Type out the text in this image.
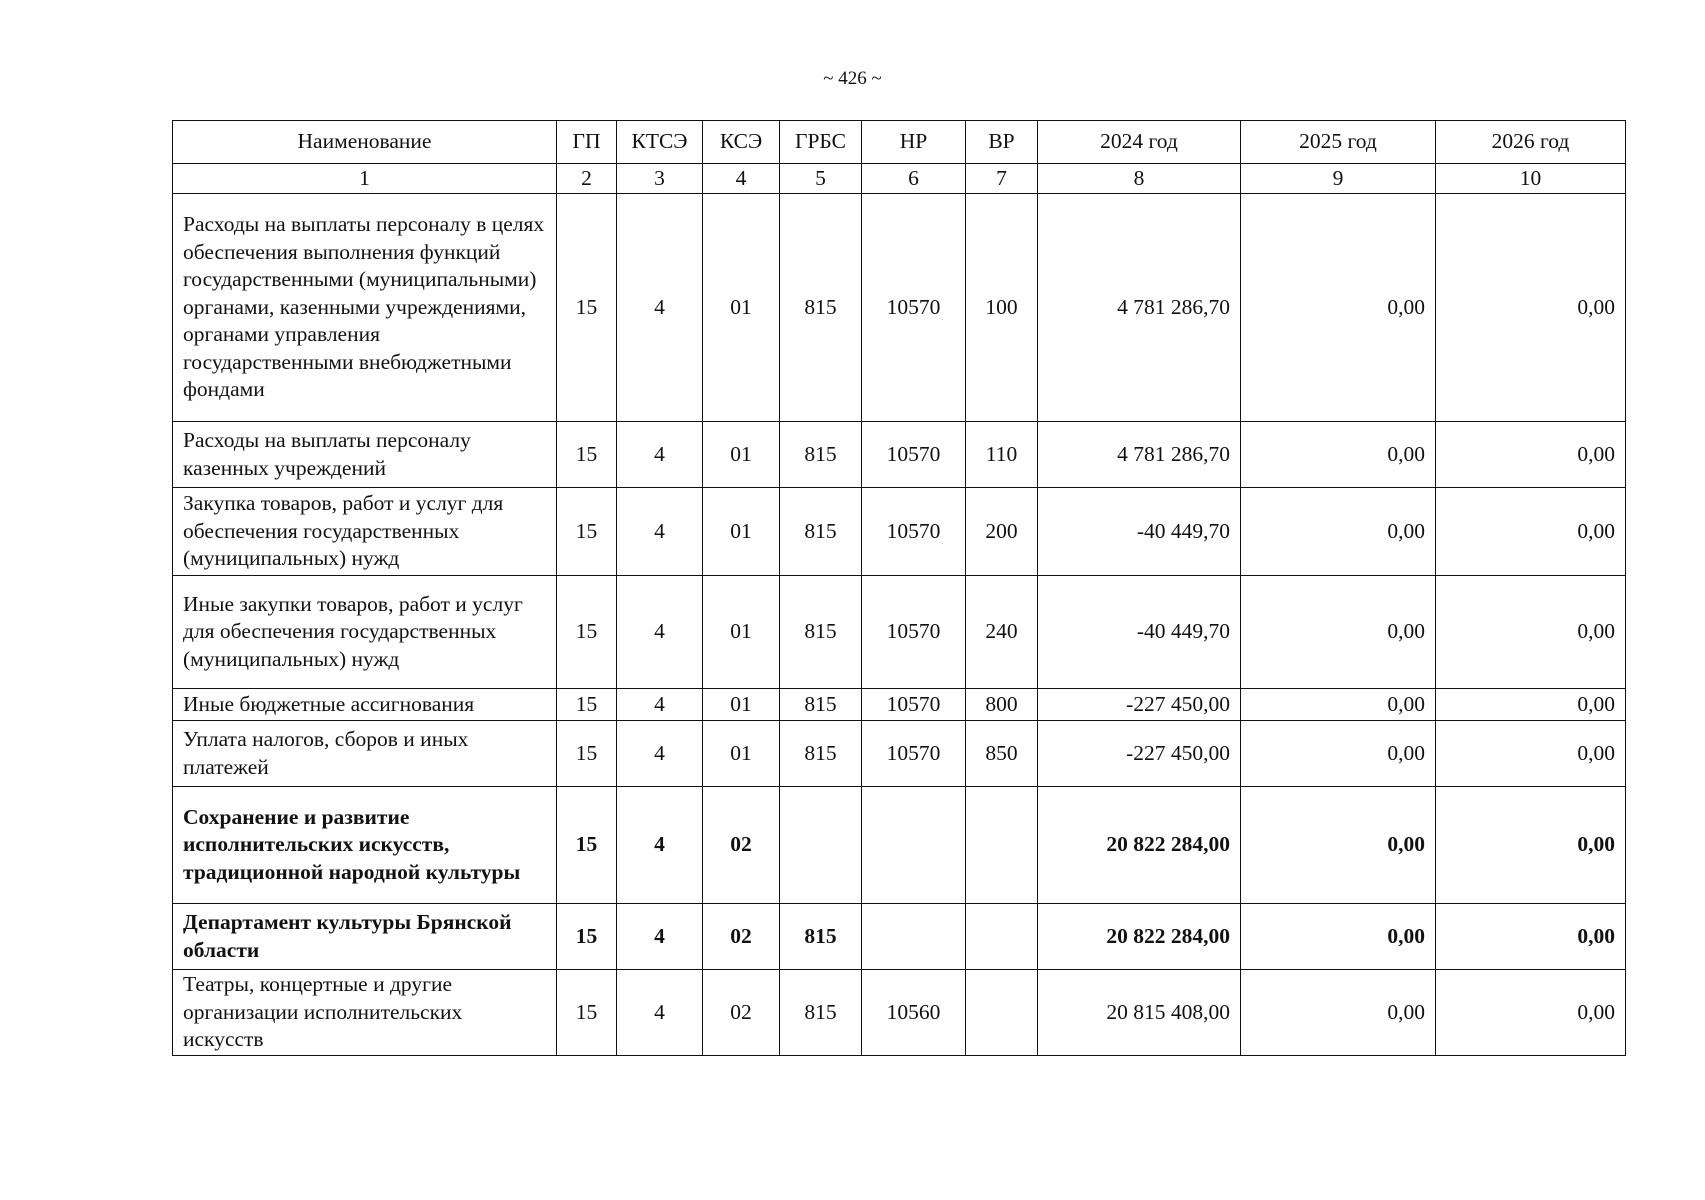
~ 426 ~
Наименование	ГП	КТСЭ	КСЭ	ГРБС	НР	ВР	2024 год	2025 год	2026 год
1	2	3	4	5	6	7	8	9	10
Расходы на выплаты персоналу в целях обеспечения выполнения функций государственными (муниципальными) органами, казенными учреждениями, органами управления государственными внебюджетными фондами	15	4	01	815	10570	100	4 781 286,70	0,00	0,00
Расходы на выплаты персоналу казенных учреждений	15	4	01	815	10570	110	4 781 286,70	0,00	0,00
Закупка товаров, работ и услуг для обеспечения государственных (муниципальных) нужд	15	4	01	815	10570	200	-40 449,70	0,00	0,00
Иные закупки товаров, работ и услуг для обеспечения государственных (муниципальных) нужд	15	4	01	815	10570	240	-40 449,70	0,00	0,00
Иные бюджетные ассигнования	15	4	01	815	10570	800	-227 450,00	0,00	0,00
Уплата налогов, сборов и иных платежей	15	4	01	815	10570	850	-227 450,00	0,00	0,00
Сохранение и развитие исполнительских искусств, традиционной народной культуры	15	4	02				20 822 284,00	0,00	0,00
Департамент культуры Брянской области	15	4	02	815			20 822 284,00	0,00	0,00
Театры, концертные и другие организации исполнительских искусств	15	4	02	815	10560		20 815 408,00	0,00	0,00
